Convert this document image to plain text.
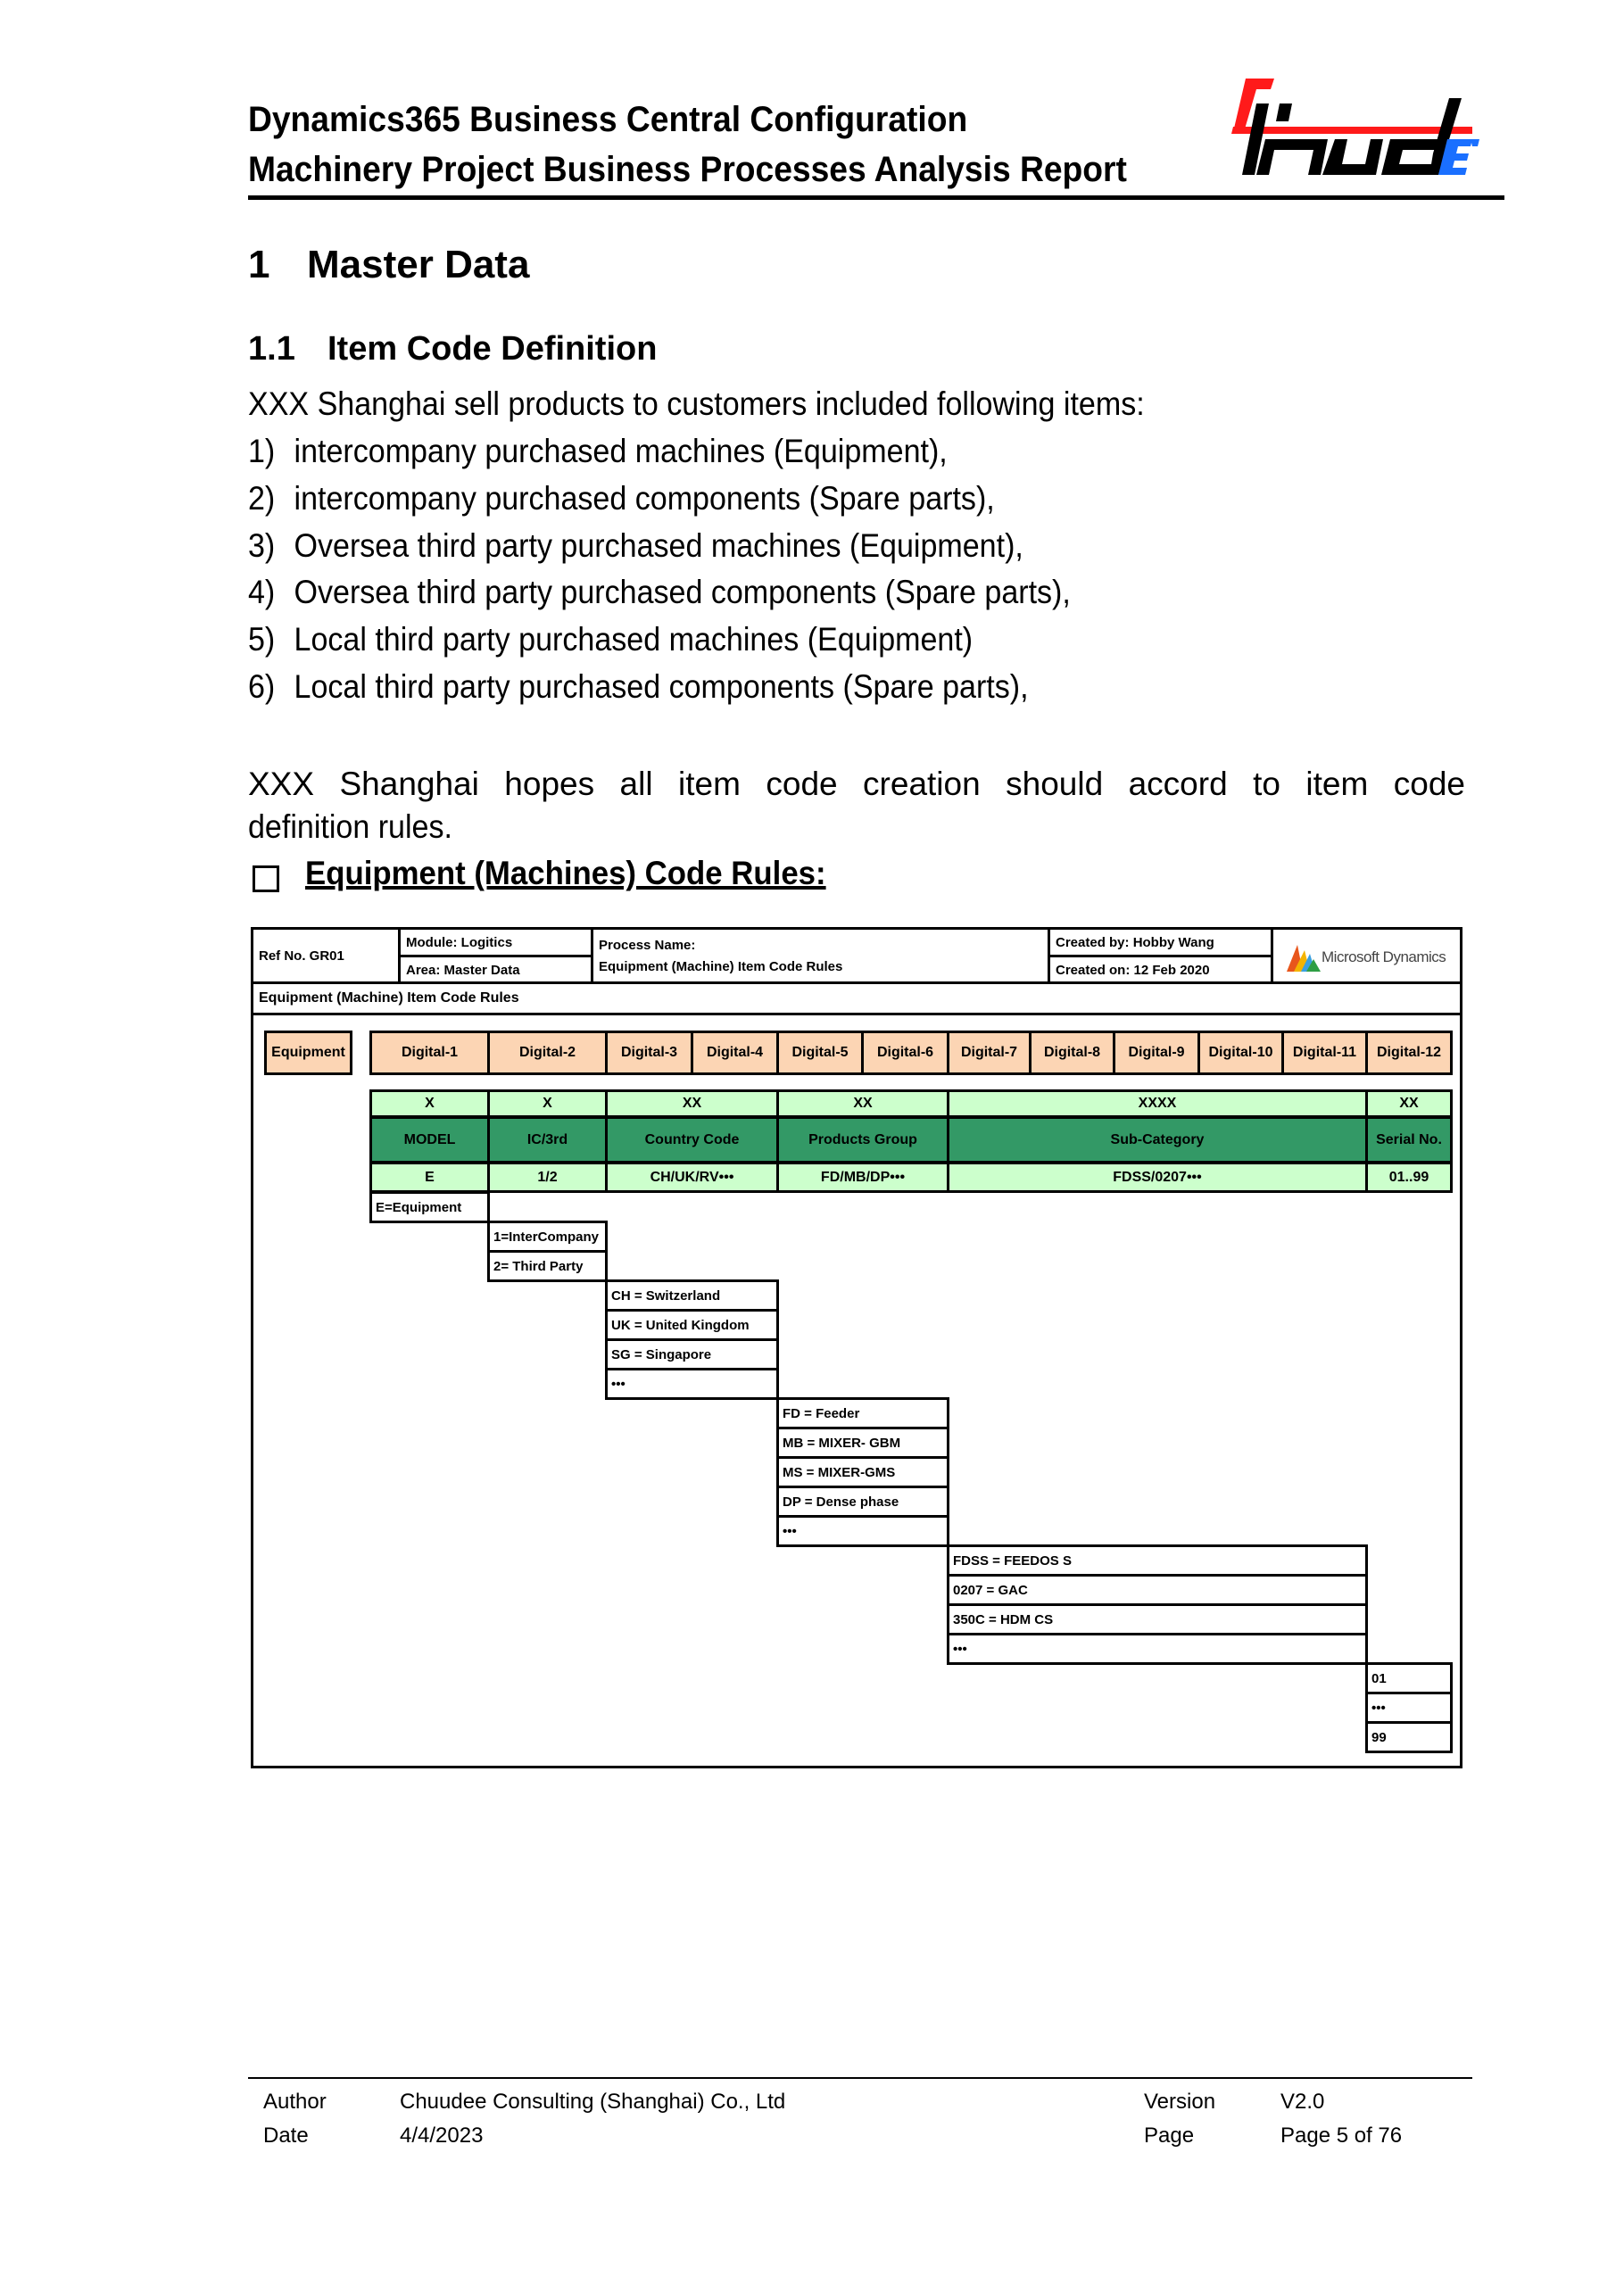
Dynamics365 Business Central Configuration
Machinery Project Business Processes Analysis Report
1 Master Data
1.1 Item Code Definition
XXX Shanghai sell products to customers included following items:
1) intercompany purchased machines (Equipment),
2) intercompany purchased components (Spare parts),
3) Oversea third party purchased machines (Equipment),
4) Oversea third party purchased components (Spare parts),
5) Local third party purchased machines (Equipment)
6) Local third party purchased components (Spare parts),
XXX Shanghai hopes all item code creation should accord to item code
definition rules.
Equipment (Machines) Code Rules:
Ref No. GR01
Module: Logitics
Area: Master Data
Process Name:
Equipment (Machine) Item Code Rules
Created by: Hobby Wang
Created on: 12 Feb 2020
Microsoft Dynamics
Equipment (Machine) Item Code Rules
Equipment	Digital-1	Digital-2	Digital-3	Digital-4	Digital-5	Digital-6	Digital-7	Digital-8	Digital-9	Digital-10	Digital-11	Digital-12
X	X	XX	XX	XXXX	XX
MODEL	IC/3rd	Country Code	Products Group	Sub-Category	Serial No.
E	1/2	CH/UK/RV•••	FD/MB/DP•••	FDSS/0207•••	01..99
E=Equipment
1=InterCompany
2= Third Party
CH = Switzerland
UK = United Kingdom
SG = Singapore
•••
FD = Feeder
MB = MIXER- GBM
MS = MIXER-GMS
DP = Dense phase
•••
FDSS = FEEDOS S
0207 = GAC
350C = HDM CS
•••
01
•••
99
Author	Chuudee Consulting (Shanghai) Co., Ltd	Version	V2.0
Date	4/4/2023	Page	Page 5 of 76
